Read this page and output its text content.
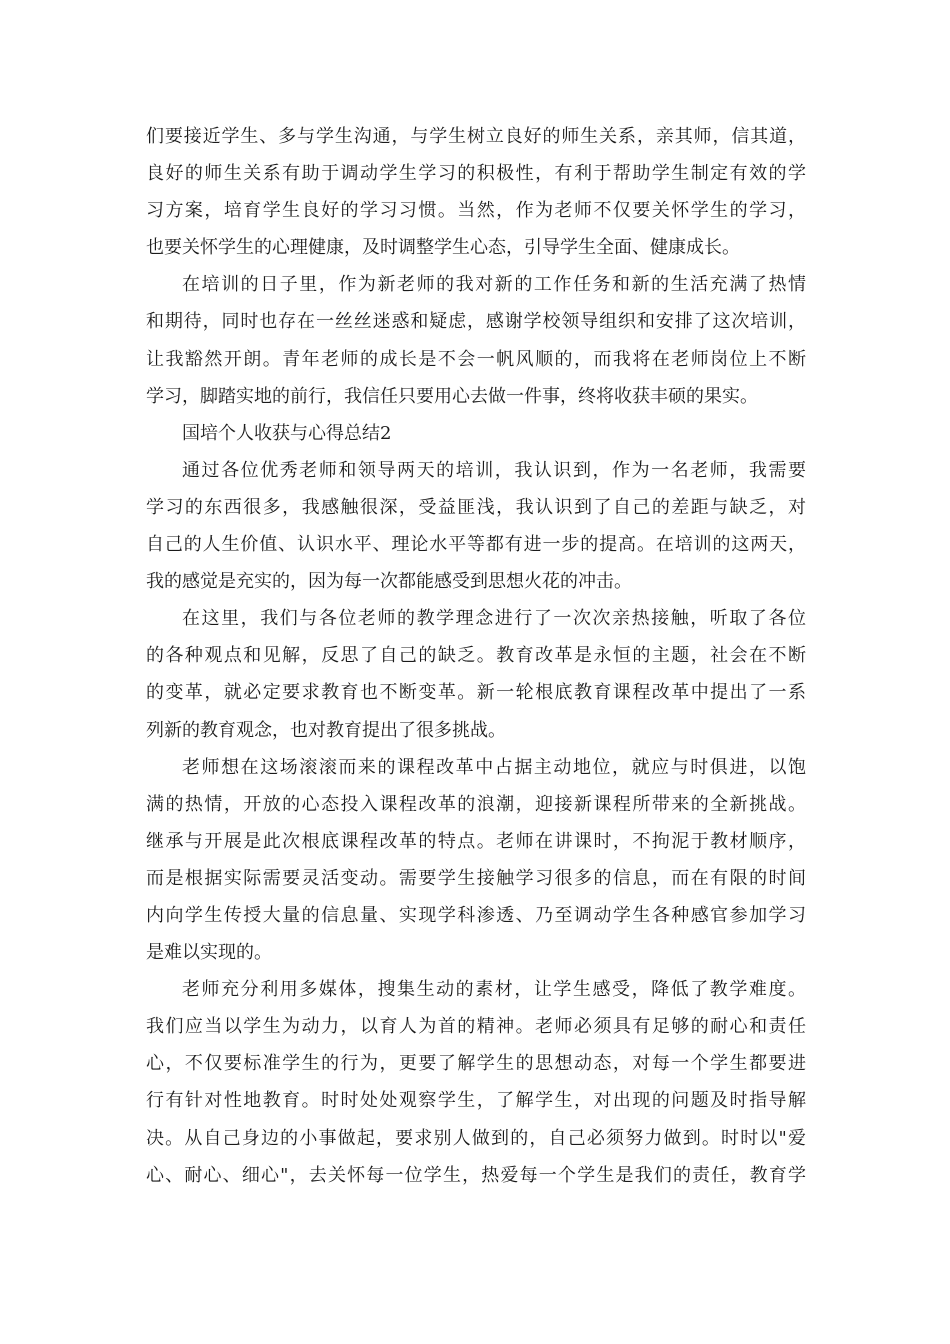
们要接近学生、多与学生沟通，与学生树立良好的师生关系，亲其师，信其道，
良好的师生关系有助于调动学生学习的积极性，有利于帮助学生制定有效的学
习方案，培育学生良好的学习习惯。当然，作为老师不仅要关怀学生的学习，
也要关怀学生的心理健康，及时调整学生心态，引导学生全面、健康成长。
在培训的日子里，作为新老师的我对新的工作任务和新的生活充满了热情
和期待，同时也存在一丝丝迷惑和疑虑，感谢学校领导组织和安排了这次培训，
让我豁然开朗。青年老师的成长是不会一帆风顺的，而我将在老师岗位上不断
学习，脚踏实地的前行，我信任只要用心去做一件事，终将收获丰硕的果实。
国培个人收获与心得总结2
通过各位优秀老师和领导两天的培训，我认识到，作为一名老师，我需要
学习的东西很多，我感触很深，受益匪浅，我认识到了自己的差距与缺乏，对
自己的人生价值、认识水平、理论水平等都有进一步的提高。在培训的这两天，
我的感觉是充实的，因为每一次都能感受到思想火花的冲击。
在这里，我们与各位老师的教学理念进行了一次次亲热接触，听取了各位
的各种观点和见解，反思了自己的缺乏。教育改革是永恒的主题，社会在不断
的变革，就必定要求教育也不断变革。新一轮根底教育课程改革中提出了一系
列新的教育观念，也对教育提出了很多挑战。
老师想在这场滚滚而来的课程改革中占据主动地位，就应与时俱进，以饱
满的热情，开放的心态投入课程改革的浪潮，迎接新课程所带来的全新挑战。
继承与开展是此次根底课程改革的特点。老师在讲课时，不拘泥于教材顺序，
而是根据实际需要灵活变动。需要学生接触学习很多的信息，而在有限的时间
内向学生传授大量的信息量、实现学科渗透、乃至调动学生各种感官参加学习
是难以实现的。
老师充分利用多媒体，搜集生动的素材，让学生感受，降低了教学难度。
我们应当以学生为动力，以育人为首的精神。老师必须具有足够的耐心和责任
心，不仅要标准学生的行为，更要了解学生的思想动态，对每一个学生都要进
行有针对性地教育。时时处处观察学生，了解学生，对出现的问题及时指导解
决。从自己身边的小事做起，要求别人做到的，自己必须努力做到。时时以"爱
心、耐心、细心"，去关怀每一位学生，热爱每一个学生是我们的责任，教育学
